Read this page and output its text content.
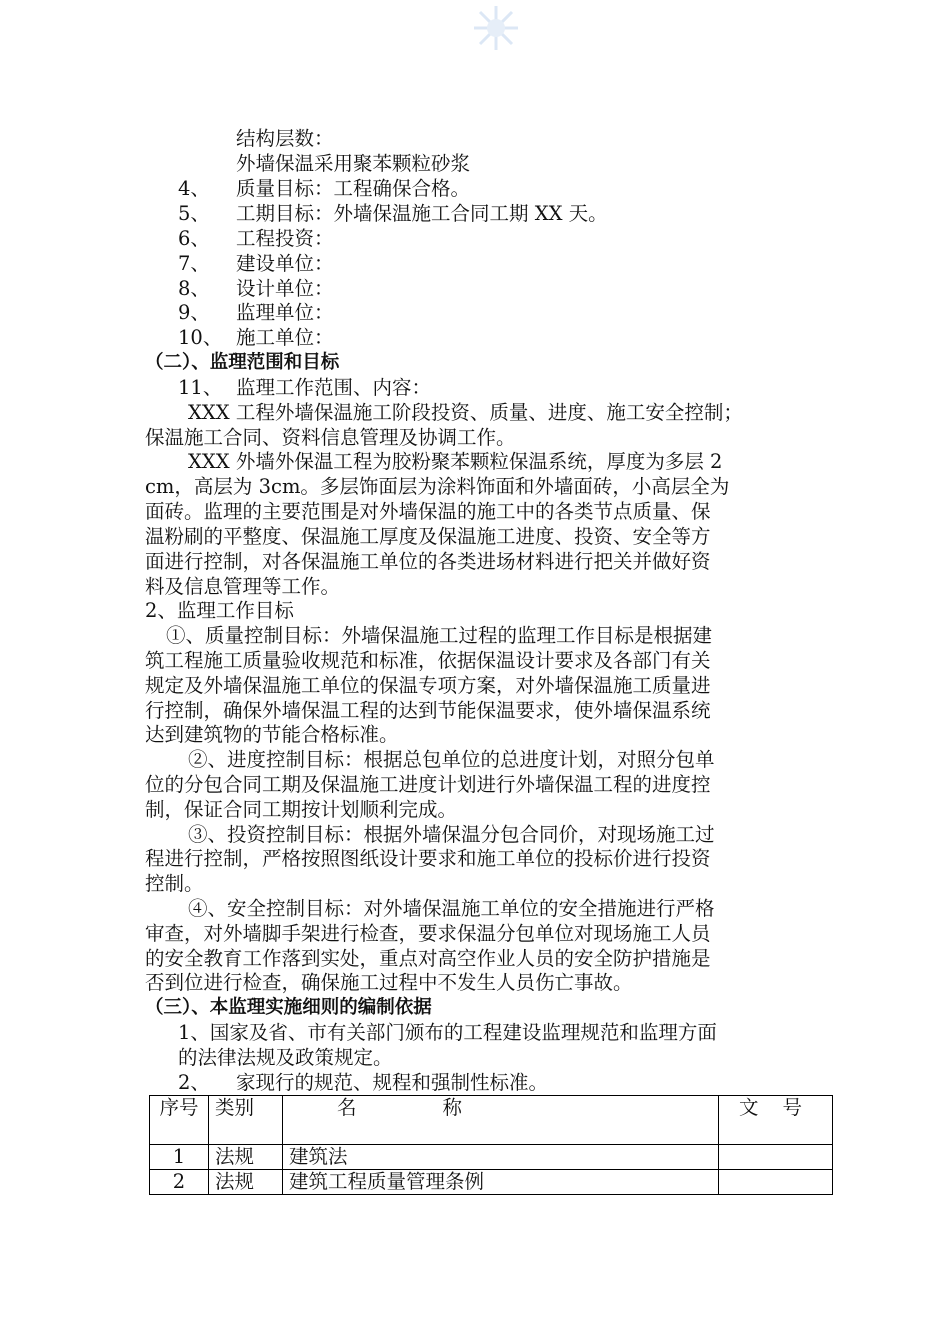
结构层数：
外墙保温采用聚苯颗粒砂浆
4、 质量目标：工程确保合格。
5、 工期目标：外墙保温施工合同工期 XX 天。
6、 工程投资：
7、 建设单位：
8、 设计单位：
9、 监理单位：
10、 施工单位：
（二）、监理范围和目标
11、 监理工作范围、内容：
XXX 工程外墙保温施工阶段投资、质量、进度、施工安全控制；
保温施工合同、资料信息管理及协调工作。
XXX 外墙外保温工程为胶粉聚苯颗粒保温系统，厚度为多层 2
cm，高层为 3cm。多层饰面层为涂料饰面和外墙面砖，小高层全为
面砖。监理的主要范围是对外墙保温的施工中的各类节点质量、保
温粉刷的平整度、保温施工厚度及保温施工进度、投资、安全等方
面进行控制，对各保温施工单位的各类进场材料进行把关并做好资
料及信息管理等工作。
2、监理工作目标
①、质量控制目标：外墙保温施工过程的监理工作目标是根据建
筑工程施工质量验收规范和标准，依据保温设计要求及各部门有关
规定及外墙保温施工单位的保温专项方案，对外墙保温施工质量进
行控制，确保外墙保温工程的达到节能保温要求，使外墙保温系统
达到建筑物的节能合格标准。
②、进度控制目标：根据总包单位的总进度计划，对照分包单
位的分包合同工期及保温施工进度计划进行外墙保温工程的进度控
制，保证合同工期按计划顺利完成。
③、投资控制目标：根据外墙保温分包合同价，对现场施工过
程进行控制，严格按照图纸设计要求和施工单位的投标价进行投资
控制。
④、安全控制目标：对外墙保温施工单位的安全措施进行严格
审查，对外墙脚手架进行检查，要求保温分包单位对现场施工人员
的安全教育工作落到实处，重点对高空作业人员的安全防护措施是
否到位进行检查，确保施工过程中不发生人员伤亡事故。
（三）、本监理实施细则的编制依据
1、国家及省、市有关部门颁布的工程建设监理规范和监理方面
的法律法规及政策规定。
2、 家现行的规范、规程和强制性标准。
序号	类别	名称	文号
1	法规	建筑法	
2	法规	建筑工程质量管理条例	
